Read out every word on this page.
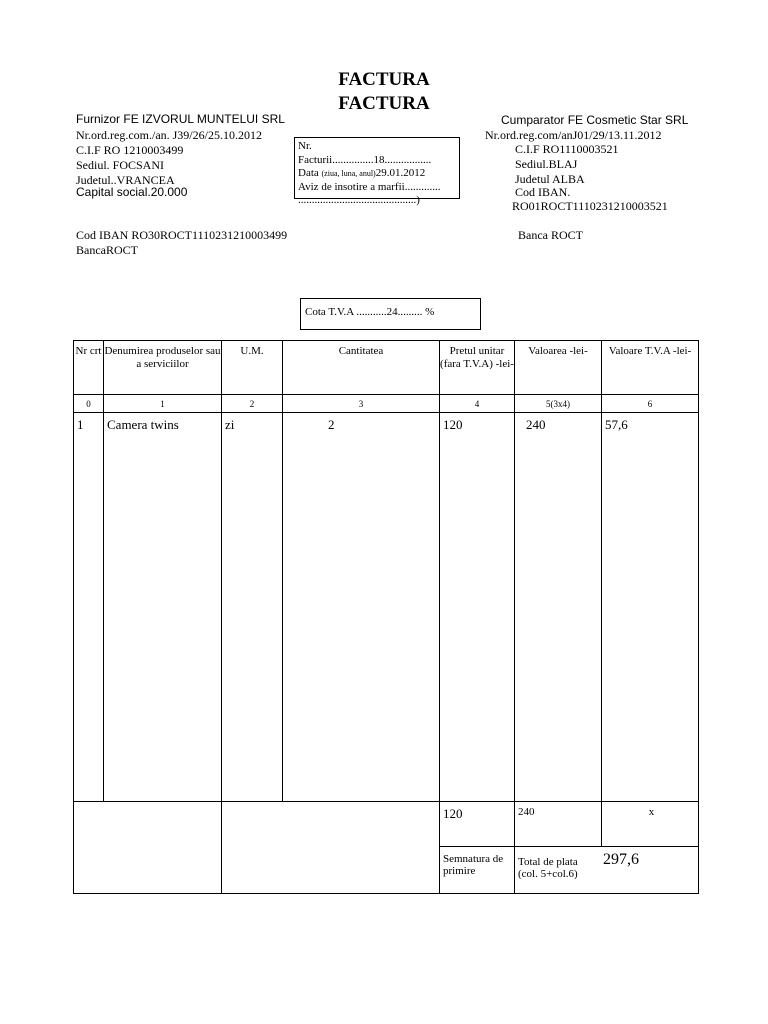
FACTURA
FACTURA
Furnizor FE IZVORUL MUNTELUI SRL
Nr.ord.reg.com./an. J39/26/25.10.2012
C.I.F RO 1210003499
Sediul. FOCSANI
Judetul..VRANCEA
Capital social.20.000
Nr.
Facturii...............18.................
Data (ziua, luna, anul)29.01.2012
Aviz de insotire a marfii.............
...........................................)
Cumparator FE Cosmetic Star SRL
Nr.ord.reg.com/anJ01/29/13.11.2012
C.I.F RO1110003521
Sediul.BLAJ
Judetul ALBA
Cod IBAN.
RO01ROCT1110231210003521
Cod IBAN RO30ROCT1110231210003499
BancaROCT
Banca ROCT
Cota T.V.A ...........24......... %
Nr crt	Denumirea produselor sau a serviciilor	U.M.	Cantitatea	Pretul unitar (fara T.V.A) -lei-	Valoarea -lei-	Valoare T.V.A -lei-
0	1	2	3	4	5(3x4)	6
1	Camera twins	zi	2	120	240	57,6
				120	240	x
				Semnatura de primire	Total de plata
(col. 5+col.6)
297,6	
